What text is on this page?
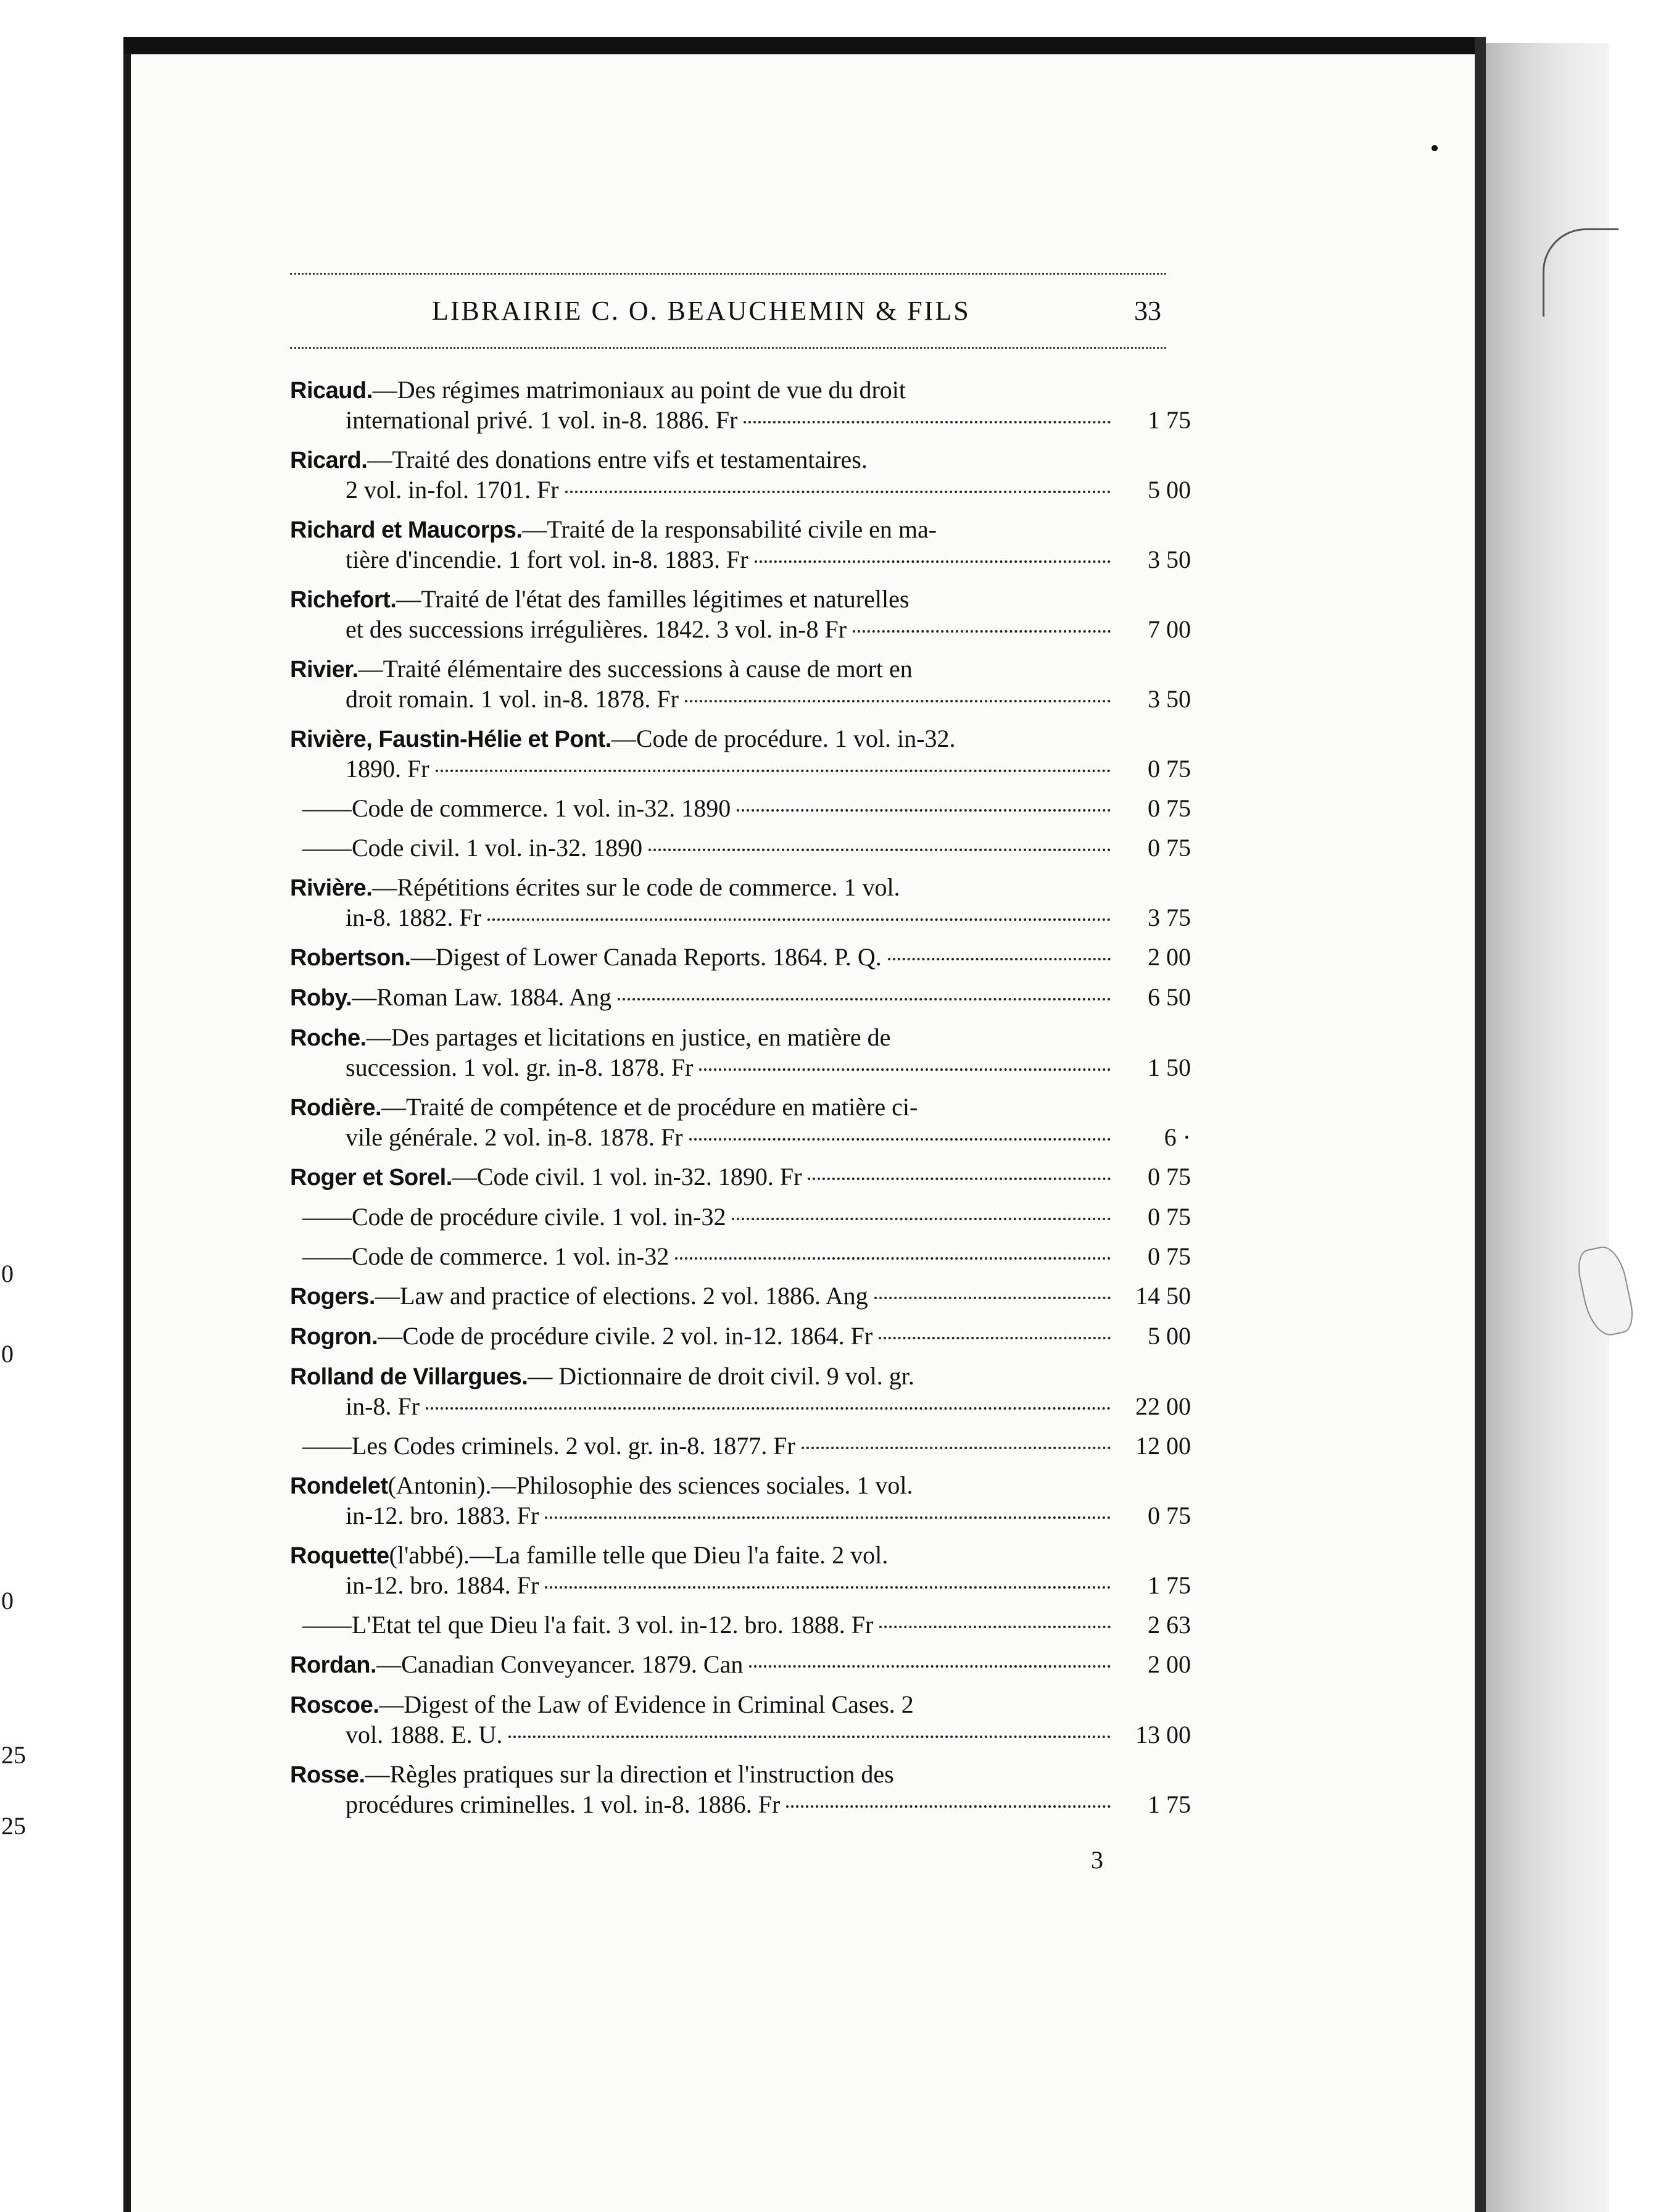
0
0
0
25
25
LIBRAIRIE C. O. BEAUCHEMIN & FILS	33
Ricaud. —Des régimes matrimoniaux au point de vue du droit
international privé. 1 vol. in-8. 1886. Fr	1 75
Ricard. —Traité des donations entre vifs et testamentaires.
2 vol. in-fol. 1701. Fr	5 00
Richard et Maucorps. —Traité de la responsabilité civile en ma-
tière d'incendie. 1 fort vol. in-8. 1883. Fr	3 50
Richefort. —Traité de l'état des familles légitimes et naturelles
et des successions irrégulières. 1842. 3 vol. in-8 Fr	7 00
Rivier. —Traité élémentaire des successions à cause de mort en
droit romain. 1 vol. in-8. 1878. Fr	3 50
Rivière, Faustin-Hélie et Pont. —Code de procédure. 1 vol. in-32.
1890. Fr	0 75
——Code de commerce. 1 vol. in-32. 1890	0 75
——Code civil. 1 vol. in-32. 1890	0 75
Rivière. —Répétitions écrites sur le code de commerce. 1 vol.
in-8. 1882. Fr	3 75
Robertson. —Digest of Lower Canada Reports. 1864. P. Q.	2 00
Roby. —Roman Law. 1884. Ang	6 50
Roche. —Des partages et licitations en justice, en matière de
succession. 1 vol. gr. in-8. 1878. Fr	1 50
Rodière. —Traité de compétence et de procédure en matière ci-
vile générale. 2 vol. in-8. 1878. Fr	6 ·
Roger et Sorel. —Code civil. 1 vol. in-32. 1890. Fr	0 75
——Code de procédure civile. 1 vol. in-32	0 75
——Code de commerce. 1 vol. in-32	0 75
Rogers. —Law and practice of elections. 2 vol. 1886. Ang	14 50
Rogron. —Code de procédure civile. 2 vol. in-12. 1864. Fr	5 00
Rolland de Villargues. — Dictionnaire de droit civil. 9 vol. gr.
in-8. Fr	22 00
——Les Codes criminels. 2 vol. gr. in-8. 1877. Fr	12 00
Rondelet (Antonin).—Philosophie des sciences sociales. 1 vol.
in-12. bro. 1883. Fr	0 75
Roquette (l'abbé).—La famille telle que Dieu l'a faite. 2 vol.
in-12. bro. 1884. Fr	1 75
——L'Etat tel que Dieu l'a fait. 3 vol. in-12. bro. 1888. Fr	2 63
Rordan. —Canadian Conveyancer. 1879. Can	2 00
Roscoe. —Digest of the Law of Evidence in Criminal Cases. 2
vol. 1888. E. U.	13 00
Rosse. —Règles pratiques sur la direction et l'instruction des
procédures criminelles. 1 vol. in-8. 1886. Fr	1 75
3
